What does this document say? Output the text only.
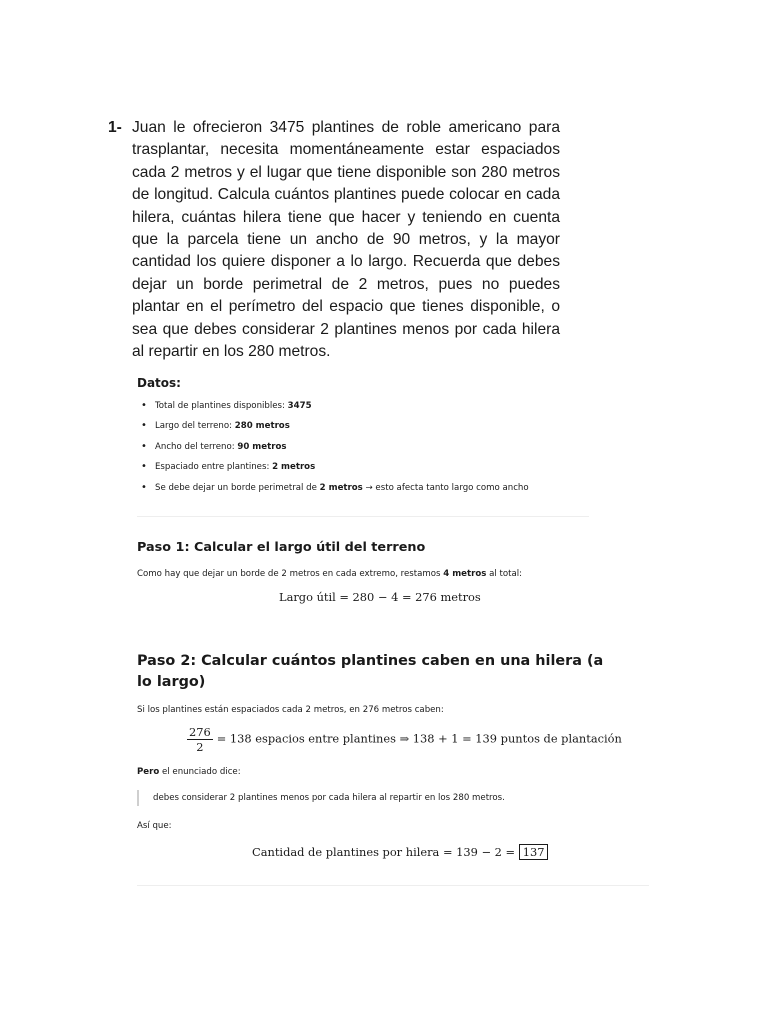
1- Juan le ofrecieron 3475 plantines de roble americano para trasplantar, necesita momentáneamente estar espaciados cada 2 metros y el lugar que tiene disponible son 280 metros de longitud. Calcula cuántos plantines puede colocar en cada hilera, cuántas hilera tiene que hacer y teniendo en cuenta que la parcela tiene un ancho de 90 metros, y la mayor cantidad los quiere disponer a lo largo. Recuerda que debes dejar un borde perimetral de 2 metros, pues no puedes plantar en el perímetro del espacio que tienes disponible, o sea que debes considerar 2 plantines menos por cada hilera al repartir en los 280 metros.
Datos:
• Total de plantines disponibles: 3475
• Largo del terreno: 280 metros
• Ancho del terreno: 90 metros
• Espaciado entre plantines: 2 metros
• Se debe dejar un borde perimetral de 2 metros → esto afecta tanto largo como ancho
Paso 1: Calcular el largo útil del terreno
Como hay que dejar un borde de 2 metros en cada extremo, restamos 4 metros al total:
Largo útil = 280 − 4 = 276 metros
Paso 2: Calcular cuántos plantines caben en una hilera (a lo largo)
Si los plantines están espaciados cada 2 metros, en 276 metros caben:
$\frac{276}{2} = 138$ espacios entre plantines ⇒ 138 + 1 = 139 puntos de plantación
Pero el enunciado dice:
debes considerar 2 plantines menos por cada hilera al repartir en los 280 metros.
Así que:
Cantidad de plantines por hilera = 139 − 2 = 137
